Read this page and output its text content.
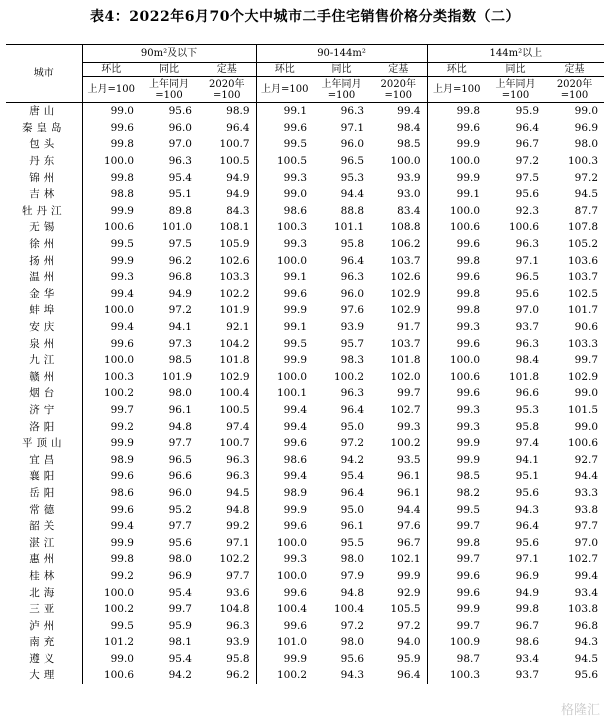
表4：2022年6月70个大中城市二手住宅销售价格分类指数（二）
城市	90m²及以下			90-144m²			144m²以上		
	环比	同比	定基	环比	同比	定基	环比	同比	定基
	上月=100	上年同月=100	2020年=100	上月=100	上年同月=100	2020年=100	上月=100	上年同月=100	2020年=100
唐山	99.0	95.6	98.9	99.1	96.3	99.4	99.8	95.9	99.0
秦皇岛	99.6	96.0	96.4	99.6	97.1	98.4	99.6	96.4	96.9
包头	99.8	97.0	100.7	99.5	96.0	98.5	99.9	96.7	98.0
丹东	100.0	96.3	100.5	100.5	96.5	100.0	100.0	97.2	100.3
锦州	99.8	95.4	94.9	99.3	95.3	93.9	99.9	97.5	97.2
吉林	98.8	95.1	94.9	99.0	94.4	93.0	99.1	95.6	94.5
牡丹江	99.9	89.8	84.3	98.6	88.8	83.4	100.0	92.3	87.7
无锡	100.6	101.0	108.1	100.3	101.1	108.8	100.6	100.6	107.8
徐州	99.5	97.5	105.9	99.3	95.8	106.2	99.6	96.3	105.2
扬州	99.9	96.2	102.6	100.0	96.4	103.7	99.8	97.1	103.6
温州	99.3	96.8	103.3	99.1	96.3	102.6	99.6	96.5	103.7
金华	99.4	94.9	102.2	99.6	96.0	102.9	99.8	95.6	102.5
蚌埠	100.0	97.2	101.9	99.9	97.6	102.9	99.8	97.0	101.7
安庆	99.4	94.1	92.1	99.1	93.9	91.7	99.3	93.7	90.6
泉州	99.6	97.3	104.2	99.5	95.7	103.7	99.6	96.3	103.3
九江	100.0	98.5	101.8	99.9	98.3	101.8	100.0	98.4	99.7
赣州	100.3	101.9	102.9	100.0	100.2	102.0	100.6	101.8	102.9
烟台	100.2	98.0	100.4	100.1	96.3	99.7	99.6	96.6	99.0
济宁	99.7	96.1	100.5	99.4	96.4	102.7	99.3	95.3	101.5
洛阳	99.2	94.8	97.4	99.4	95.0	99.3	99.3	95.8	99.0
平顶山	99.9	97.7	100.7	99.6	97.2	100.2	99.9	97.4	100.6
宜昌	98.9	96.5	96.3	98.6	94.2	93.5	99.9	94.1	92.7
襄阳	99.6	96.6	96.3	99.4	95.4	96.1	98.5	95.1	94.4
岳阳	98.6	96.0	94.5	98.9	96.4	96.1	98.2	95.6	93.3
常德	99.6	95.2	94.8	99.9	95.0	94.4	99.5	94.3	93.8
韶关	99.4	97.7	99.2	99.6	96.1	97.6	99.7	96.4	97.7
湛江	99.9	95.6	97.1	100.0	95.5	96.7	99.8	95.6	97.0
惠州	99.8	98.0	102.2	99.3	98.0	102.1	99.7	97.1	102.7
桂林	99.2	96.9	97.7	100.0	97.9	99.9	99.6	96.9	99.4
北海	100.0	95.4	93.6	99.6	94.8	92.9	99.6	94.9	93.4
三亚	100.2	99.7	104.8	100.4	100.4	105.5	99.9	99.8	103.8
泸州	99.5	95.9	96.3	99.6	97.2	97.2	99.7	96.7	96.8
南充	101.2	98.1	93.9	101.0	98.0	94.0	100.9	98.6	94.3
遵义	99.0	95.4	95.8	99.9	95.6	95.9	98.7	93.4	94.5
大理	100.6	94.2	96.2	100.2	94.3	96.4	100.3	93.7	95.6
格隆汇
